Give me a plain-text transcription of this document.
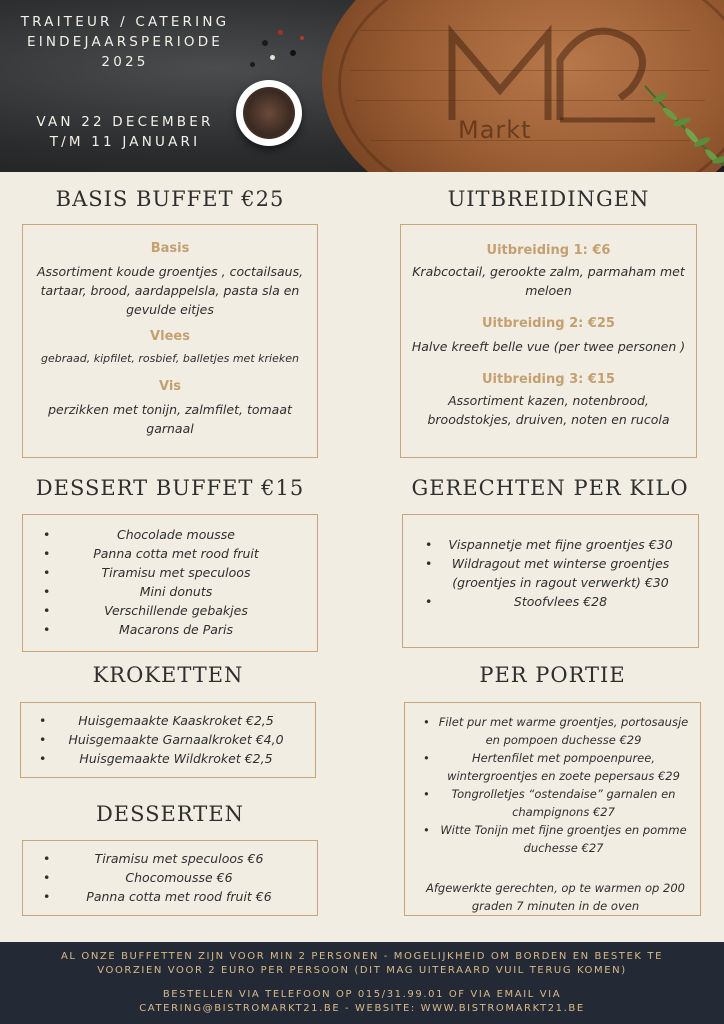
TRAITEUR / CATERING
EINDEJAARSPERIODE
2025
VAN 22 DECEMBER
T/M 11 JANUARI	Markt
BASIS BUFFET €25

Basis

Assortiment koude groentjes , coctailsaus, tartaar, brood, aardappelsla, pasta sla en gevulde eitjes

Vlees

gebraad, kipfilet, rosbief, balletjes met krieken

Vis

perzikken met tonijn, zalmfilet, tomaat garnaal

UITBREIDINGEN

Uitbreiding 1: €6

Krabcoctail, gerookte zalm, parmaham met meloen

Uitbreiding 2: €25

Halve kreeft belle vue (per twee personen )

Uitbreiding 3: €15

Assortiment kazen, notenbrood, broodstokjes, druiven, noten en rucola

DESSERT BUFFET €15
• Chocolade mousse
• Panna cotta met rood fruit
• Tiramisu met speculoos
• Mini donuts
• Verschillende gebakjes
• Macarons de Paris
GERECHTEN PER KILO
• Vispannetje met fijne groentjes €30
• Wildragout met winterse groentjes (groentjes in ragout verwerkt) €30
• Stoofvlees €28
KROKETTEN
• Huisgemaakte Kaaskroket €2,5
• Huisgemaakte Garnaalkroket €4,0
• Huisgemaakte Wildkroket €2,5
PER PORTIE
• Filet pur met warme groentjes, portosausje en pompoen duchesse €29
• Hertenfilet met pompoenpuree, wintergroentjes en zoete pepersaus €29
• Tongrolletjes “ostendaise” garnalen en champignons €27
• Witte Tonijn met fijne groentjes en pomme duchesse €27

Afgewerkte gerechten, op te warmen op 200 graden 7 minuten in de oven

DESSERTEN
• Tiramisu met speculoos €6
• Chocomousse €6
• Panna cotta met rood fruit €6

AL ONZE BUFFETTEN ZIJN VOOR MIN 2 PERSONEN - MOGELIJKHEID OM BORDEN EN BESTEK TE

VOORZIEN VOOR 2 EURO PER PERSOON (DIT MAG UITERAARD VUIL TERUG KOMEN)

BESTELLEN VIA TELEFOON OP 015/31.99.01 OF VIA EMAIL VIA

CATERING@BISTROMARKT21.BE - WEBSITE: WWW.BISTROMARKT21.BE
